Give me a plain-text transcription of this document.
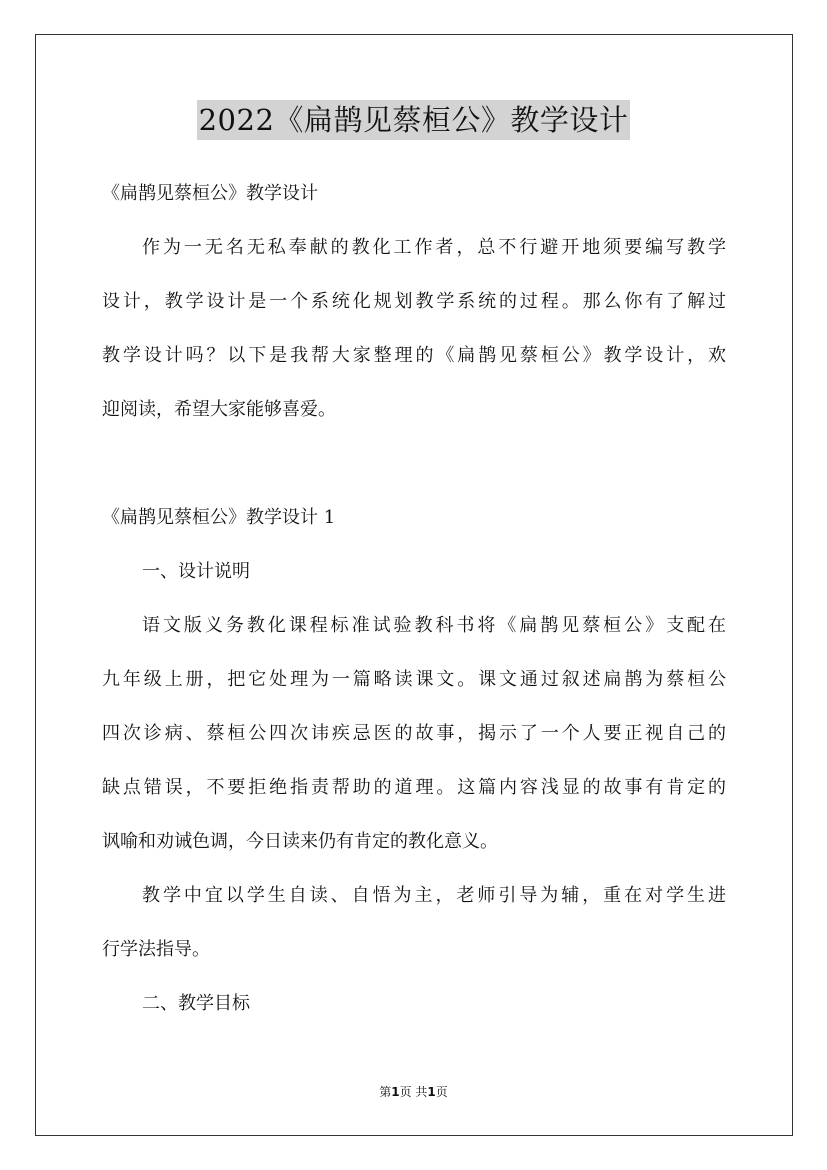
2022《扁鹊见蔡桓公》教学设计
《扁鹊见蔡桓公》教学设计
作为一无名无私奉献的教化工作者，总不行避开地须要编写教学
设计，教学设计是一个系统化规划教学系统的过程。那么你有了解过
教学设计吗？以下是我帮大家整理的《扁鹊见蔡桓公》教学设计，欢
迎阅读，希望大家能够喜爱。
《扁鹊见蔡桓公》教学设计 1
一、设计说明
语文版义务教化课程标准试验教科书将《扁鹊见蔡桓公》支配在
九年级上册，把它处理为一篇略读课文。课文通过叙述扁鹊为蔡桓公
四次诊病、蔡桓公四次讳疾忌医的故事，揭示了一个人要正视自己的
缺点错误，不要拒绝指责帮助的道理。这篇内容浅显的故事有肯定的
讽喻和劝诫色调，今日读来仍有肯定的教化意义。
教学中宜以学生自读、自悟为主，老师引导为辅，重在对学生进
行学法指导。
二、教学目标
第1页 共1页
